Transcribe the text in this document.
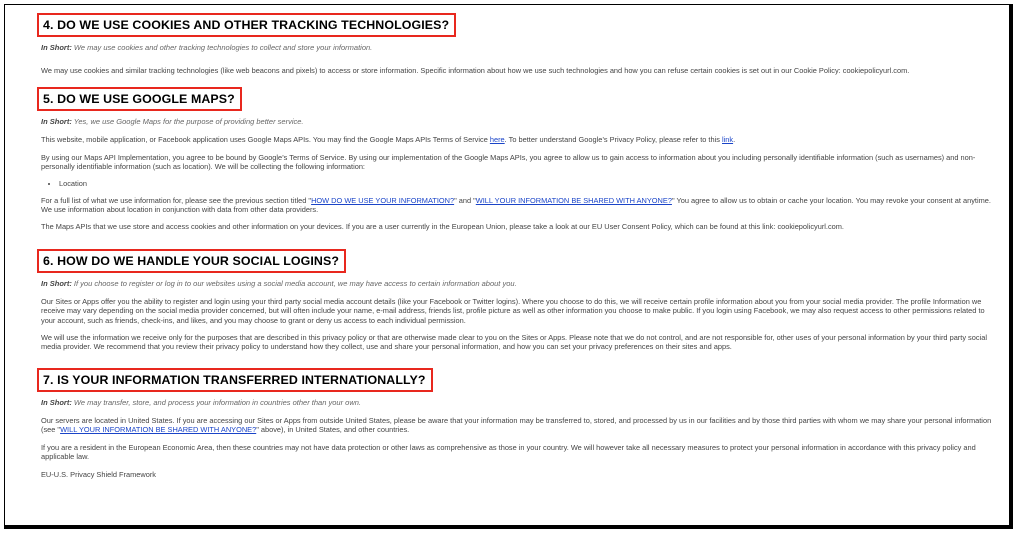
4. DO WE USE COOKIES AND OTHER TRACKING TECHNOLOGIES?
In Short: We may use cookies and other tracking technologies to collect and store your information.

We may use cookies and similar tracking technologies (like web beacons and pixels) to access or store information. Specific information about how we use such technologies and how you can refuse certain cookies is set out in our Cookie Policy: cookiepolicyurl.com.

5. DO WE USE GOOGLE MAPS?
In Short: Yes, we use Google Maps for the purpose of providing better service.

This website, mobile application, or Facebook application uses Google Maps APIs. You may find the Google Maps APIs Terms of Service here. To better understand Google’s Privacy Policy, please refer to this link.

By using our Maps API Implementation, you agree to be bound by Google’s Terms of Service. By using our implementation of the Google Maps APIs, you agree to allow us to gain access to information about you including personally identifiable information (such as usernames) and non-personally identifiable information (such as location). We will be collecting the following information:

• Location

For a full list of what we use information for, please see the previous section titled "HOW DO WE USE YOUR INFORMATION?" and "WILL YOUR INFORMATION BE SHARED WITH ANYONE?" You agree to allow us to obtain or cache your location. You may revoke your consent at anytime. We use information about location in conjunction with data from other data providers.

The Maps APIs that we use store and access cookies and other information on your devices. If you are a user currently in the European Union, please take a look at our EU User Consent Policy, which can be found at this link: cookiepolicyurl.com.

6. HOW DO WE HANDLE YOUR SOCIAL LOGINS?
In Short: If you choose to register or log in to our websites using a social media account, we may have access to certain information about you.

Our Sites or Apps offer you the ability to register and login using your third party social media account details (like your Facebook or Twitter logins). Where you choose to do this, we will receive certain profile information about you from your social media provider. The profile Information we receive may vary depending on the social media provider concerned, but will often include your name, e-mail address, friends list, profile picture as well as other information you choose to make public. If you login using Facebook, we may also request access to other permissions related to your account, such as friends, check-ins, and likes, and you may choose to grant or deny us access to each individual permission.

We will use the information we receive only for the purposes that are described in this privacy policy or that are otherwise made clear to you on the Sites or Apps. Please note that we do not control, and are not responsible for, other uses of your personal information by your third party social media provider. We recommend that you review their privacy policy to understand how they collect, use and share your personal information, and how you can set your privacy preferences on their sites and apps.

7. IS YOUR INFORMATION TRANSFERRED INTERNATIONALLY?
In Short: We may transfer, store, and process your information in countries other than your own.

Our servers are located in United States. If you are accessing our Sites or Apps from outside United States, please be aware that your information may be transferred to, stored, and processed by us in our facilities and by those third parties with whom we may share your personal information (see "WILL YOUR INFORMATION BE SHARED WITH ANYONE?" above), in United States, and other countries.

If you are a resident in the European Economic Area, then these countries may not have data protection or other laws as comprehensive as those in your country. We will however take all necessary measures to protect your personal information in accordance with this privacy policy and applicable law.

EU-U.S. Privacy Shield Framework
